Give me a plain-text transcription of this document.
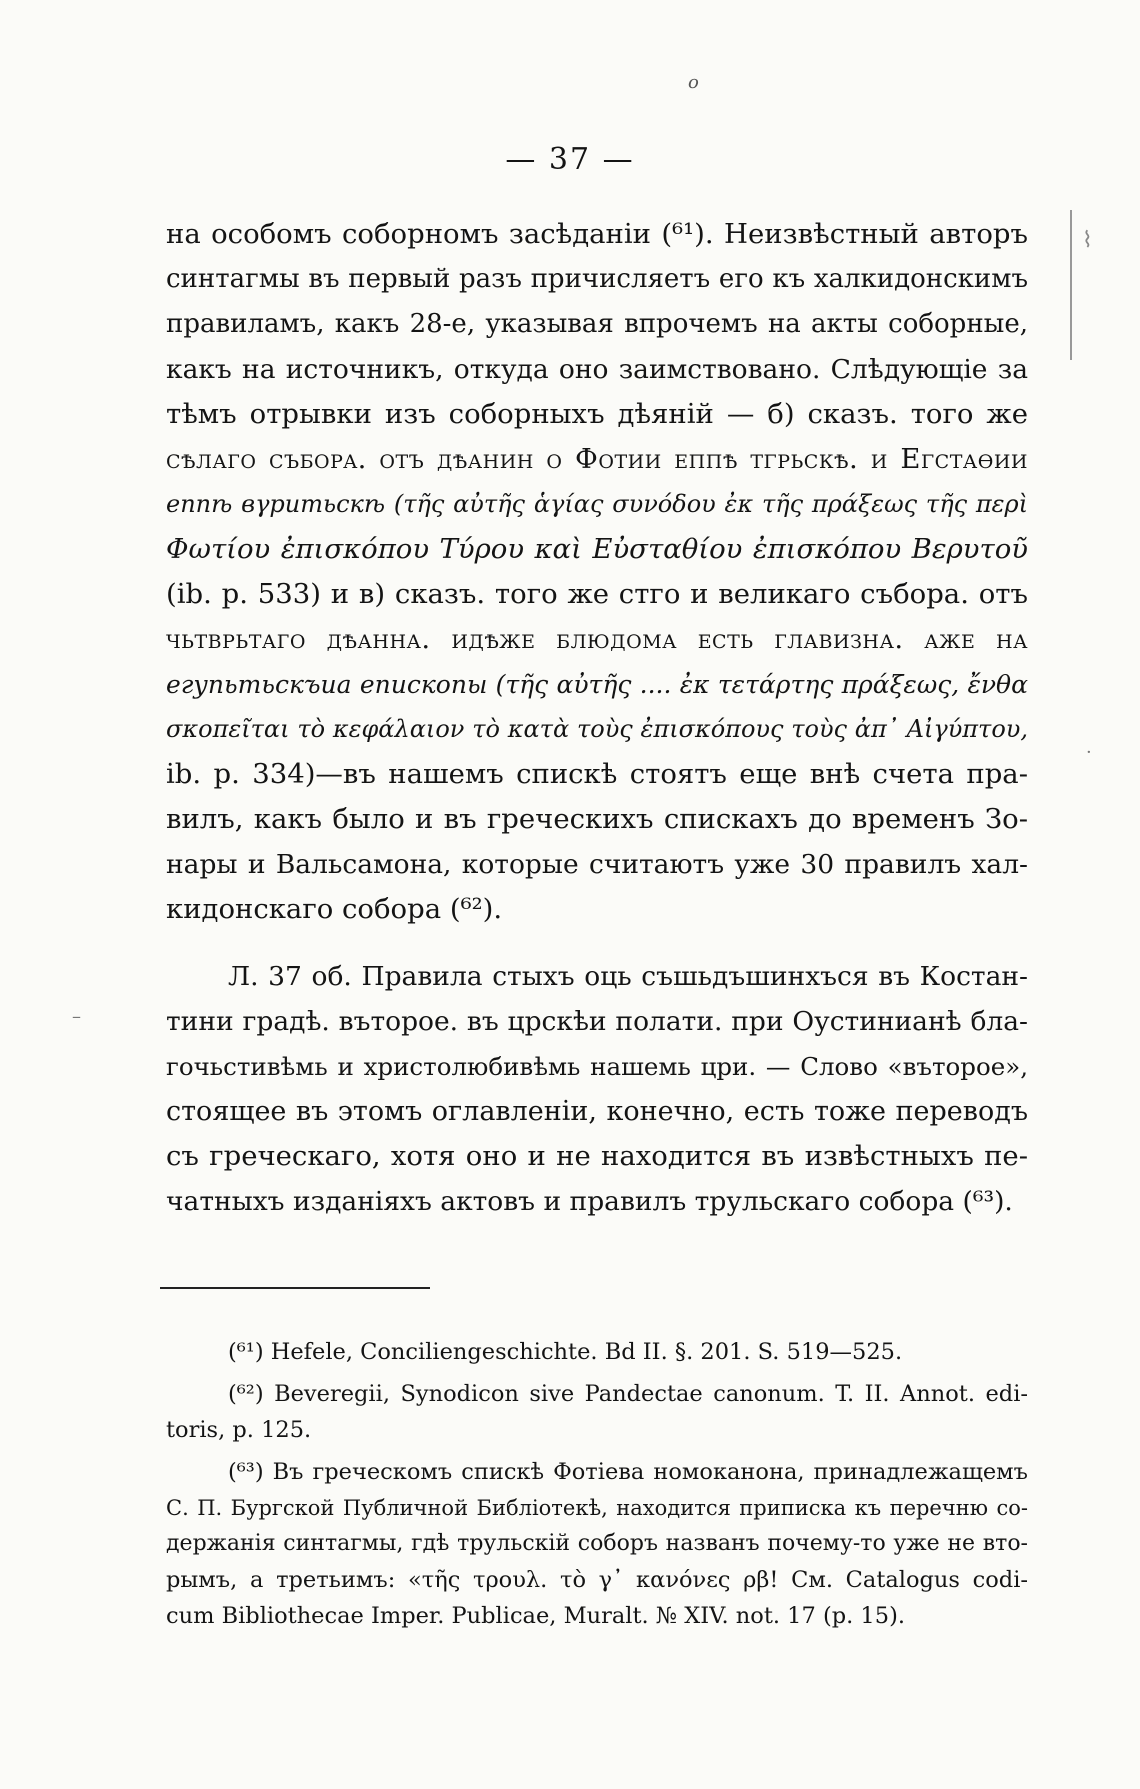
o
— 37 —
⌇
·
–
на особомъ соборномъ засѣданіи (⁶¹). Неизвѣстный авторъ
синтагмы въ первый разъ причисляетъ его къ халкидонскимъ
правиламъ, какъ 28-е, указывая впрочемъ на акты соборные,
какъ на источникъ, откуда оно заимствовано. Слѣдующіе за
тѣмъ отрывки изъ соборныхъ дѣяній — б) сказъ. того же
сѣлаго съборa. отъ дѣанин о Фотии еппѣ тγрьскѣ. и Еγстаѳии
еппѣ вγритьскѣ (τῆς αὐτῆς ἁγίας συνόδου ἐκ τῆς πράξεως τῆς περὶ
Φωτίου ἐπισκόπου Τύρου καὶ Εὐσταθίου ἐπισκόπου Βερυτοῦ
(ib. p. 533) и в) сказъ. того же стго и великаго събора. отъ
чьтврьтаго дѣанна. идѣже блюдома есть главизна. аже на
егупьтьскъиа епископы (τῆς αὐτῆς .... ἐκ τετάρτης πράξεως, ἔνθα
σκοπεῖται τὸ κεφάλαιον τὸ κατὰ τοὺς ἐπισκόπους τοὺς ἀπ᾽ Αἰγύπτου,
ib. p. 334)—въ нашемъ спискѣ стоятъ еще внѣ счета пра-
вилъ, какъ было и въ греческихъ спискахъ до временъ Зо-
нары и Вальсамона, которые считаютъ уже 30 правилъ хал-
кидонскаго собора (⁶²).
Л. 37 об. Правила стыхъ оць съшьдъшинхъся въ Костан-
тини градѣ. вътороe. въ црскѣи полати. при Оустинианѣ бла-
гочьстивѣмь и христолюбивѣмь нашемь цри. — Слово «въторое»,
стоящее въ этомъ оглавленіи, конечно, есть тоже переводъ
съ греческаго, хотя оно и не находится въ извѣстныхъ пе-
чатныхъ изданіяхъ актовъ и правилъ трульскаго собора (⁶³).
(⁶¹) Hefele, Conciliengeschichte. Bd II. §. 201. S. 519—525.
(⁶²) Beveregii, Synodicon sive Pandectae canonum. T. II. Annot. edi-
toris, p. 125.
(⁶³) Въ греческомъ спискѣ Фотіева номоканона, принадлежащемъ
С. П. Бургской Публичной Библіотекѣ, находится приписка къ перечню со-
держанія синтагмы, гдѣ трульскій соборъ названъ почему-то уже не вто-
рымъ, а третьимъ: «τῆς τρουλ. τὸ γ᾽ κανόνες ρβ! См. Catalogus codi-
cum Bibliothecae Imper. Publicae, Muralt. № XIV. not. 17 (p. 15).
